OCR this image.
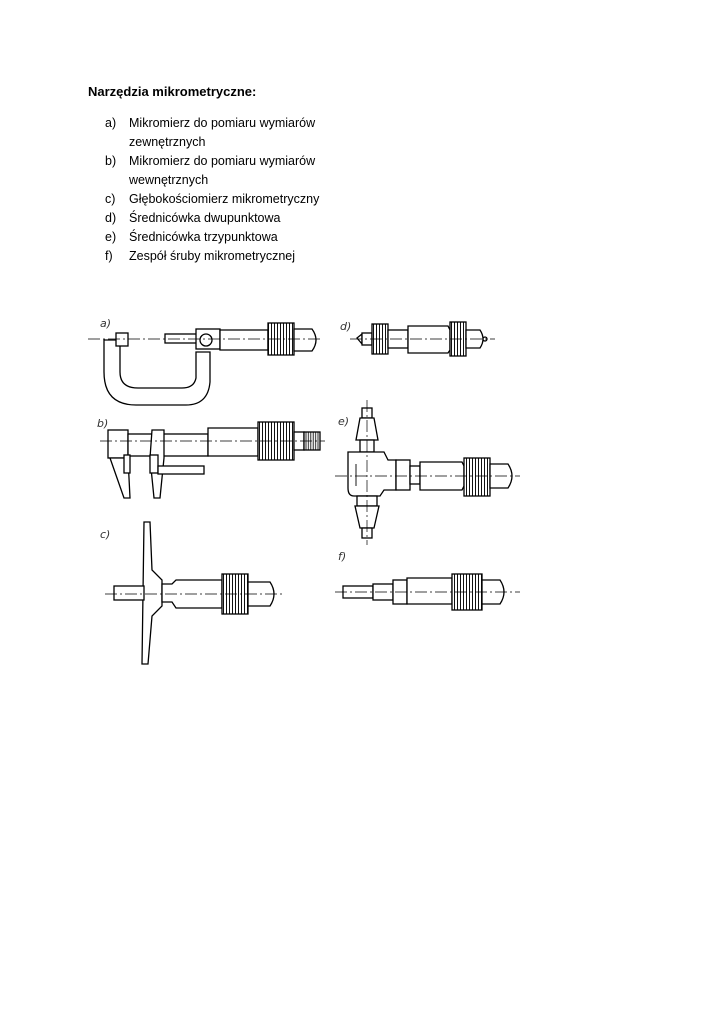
Narzędzia mikrometryczne:
a)	Mikromierz do pomiaru wymiarów zewnętrznych
b)	Mikromierz do pomiaru wymiarów wewnętrznych
c)	Głębokościomierz mikrometryczny
d)	Średnicówka dwupunktowa
e)	Średnicówka trzypunktowa
f)	Zespół śruby mikrometrycznej
a)	d)
b)	e)
c)
f)
